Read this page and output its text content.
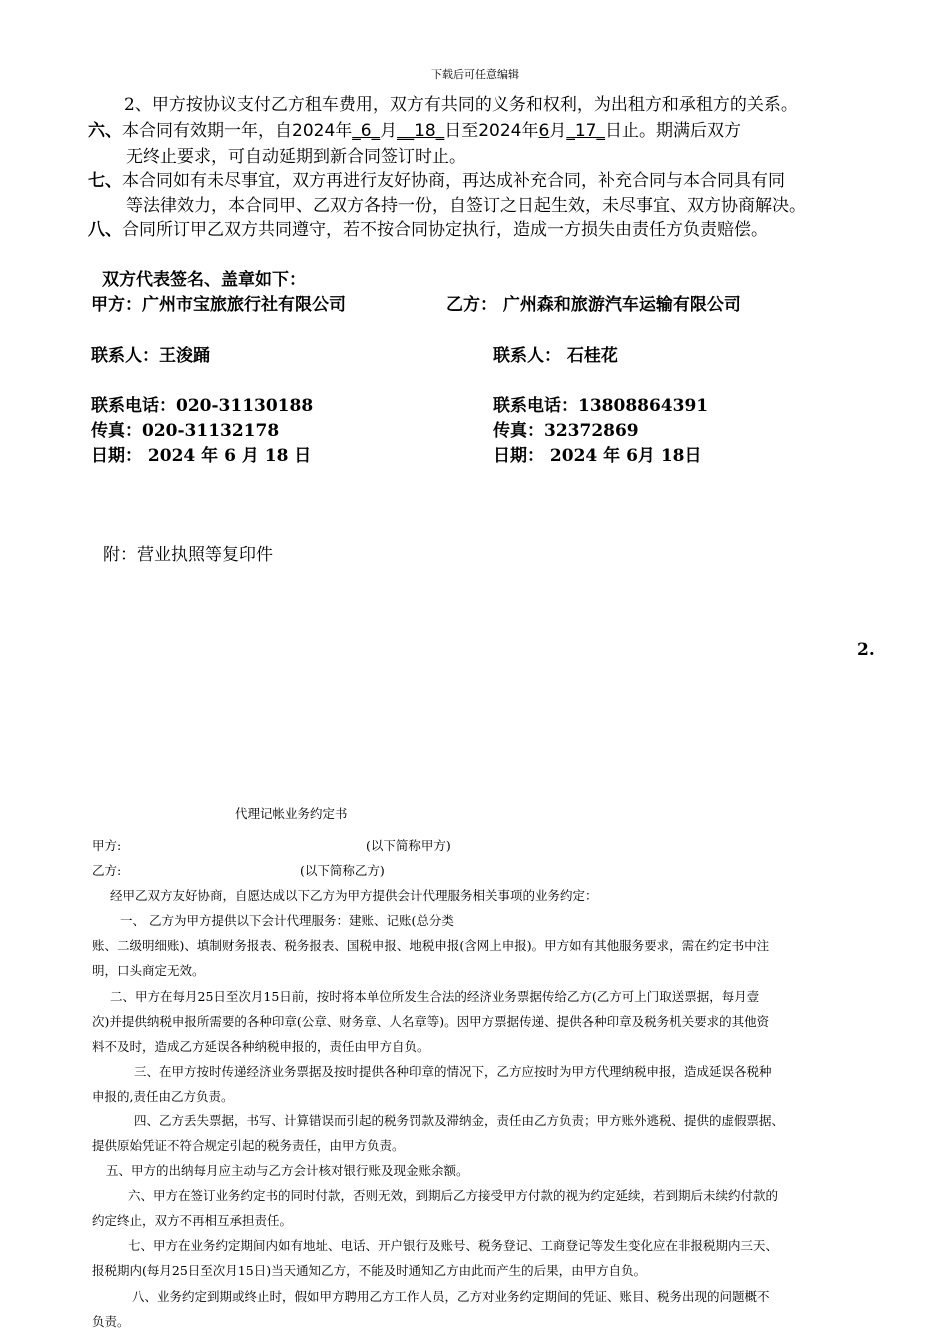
下载后可任意编辑
2、甲方按协议支付乙方租车费用，双方有共同的义务和权利，为出租方和承租方的关系。
六、本合同有效期一年，自2024年_6_月__18_日至2024年6月_17_日止。期满后双方
无终止要求，可自动延期到新合同签订时止。
七、本合同如有未尽事宜，双方再进行友好协商，再达成补充合同，补充合同与本合同具有同
等法律效力，本合同甲、乙双方各持一份，自签订之日起生效，未尽事宜、双方协商解决。
八、合同所订甲乙双方共同遵守，若不按合同协定执行，造成一方损失由责任方负责赔偿。
双方代表签名、盖章如下：
甲方：广州市宝旅旅行社有限公司	乙方： 广州森和旅游汽车运输有限公司
联系人：王浚踊	联系人： 石桂花
联系电话：020-31130188	联系电话：13808864391
传真：020-31132178	传真：32372869
日期： 2024 年 6 月 18 日	日期： 2024 年 6月 18日
附：营业执照等复印件
2.
代理记帐业务约定书
甲方:	(以下简称甲方)
乙方:	(以下简称乙方)
经甲乙双方友好协商，自愿达成以下乙方为甲方提供会计代理服务相关事项的业务约定：
一、 乙方为甲方提供以下会计代理服务：建账、记账(总分类
账、二级明细账)、填制财务报表、税务报表、国税申报、地税申报(含网上申报)。甲方如有其他服务要求，需在约定书中注
明，口头商定无效。
二、甲方在每月25日至次月15日前，按时将本单位所发生合法的经济业务票据传给乙方(乙方可上门取送票据，每月壹
次)并提供纳税申报所需要的各种印章(公章、财务章、人名章等)。因甲方票据传递、提供各种印章及税务机关要求的其他资
料不及时，造成乙方延误各种纳税申报的，责任由甲方自负。
三、在甲方按时传递经济业务票据及按时提供各种印章的情况下，乙方应按时为甲方代理纳税申报，造成延误各税种
申报的,责任由乙方负责。
四、乙方丢失票据，书写、计算错误而引起的税务罚款及滞纳金，责任由乙方负责；甲方账外逃税、提供的虚假票据、
提供原始凭证不符合规定引起的税务责任，由甲方负责。
五、甲方的出纳每月应主动与乙方会计核对银行账及现金账余额。
六、甲方在签订业务约定书的同时付款，否则无效，到期后乙方接受甲方付款的视为约定延续，若到期后未续约付款的
约定终止，双方不再相互承担责任。
七、甲方在业务约定期间内如有地址、电话、开户银行及账号、税务登记、工商登记等发生变化应在非报税期内三天、
报税期内(每月25日至次月15日)当天通知乙方，不能及时通知乙方由此而产生的后果，由甲方自负。
八、业务约定到期或终止时，假如甲方聘用乙方工作人员，乙方对业务约定期间的凭证、账目、税务出现的问题概不
负责。
